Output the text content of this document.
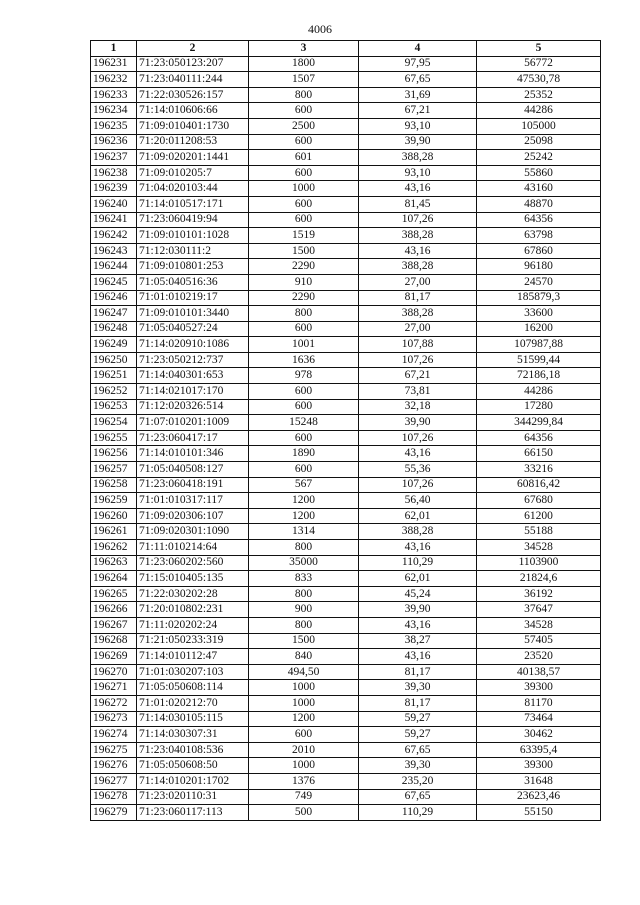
4006
1	2	3	4	5
196231	71:23:050123:207	1800	97,95	56772
196232	71:23:040111:244	1507	67,65	47530,78
196233	71:22:030526:157	800	31,69	25352
196234	71:14:010606:66	600	67,21	44286
196235	71:09:010401:1730	2500	93,10	105000
196236	71:20:011208:53	600	39,90	25098
196237	71:09:020201:1441	601	388,28	25242
196238	71:09:010205:7	600	93,10	55860
196239	71:04:020103:44	1000	43,16	43160
196240	71:14:010517:171	600	81,45	48870
196241	71:23:060419:94	600	107,26	64356
196242	71:09:010101:1028	1519	388,28	63798
196243	71:12:030111:2	1500	43,16	67860
196244	71:09:010801:253	2290	388,28	96180
196245	71:05:040516:36	910	27,00	24570
196246	71:01:010219:17	2290	81,17	185879,3
196247	71:09:010101:3440	800	388,28	33600
196248	71:05:040527:24	600	27,00	16200
196249	71:14:020910:1086	1001	107,88	107987,88
196250	71:23:050212:737	1636	107,26	51599,44
196251	71:14:040301:653	978	67,21	72186,18
196252	71:14:021017:170	600	73,81	44286
196253	71:12:020326:514	600	32,18	17280
196254	71:07:010201:1009	15248	39,90	344299,84
196255	71:23:060417:17	600	107,26	64356
196256	71:14:010101:346	1890	43,16	66150
196257	71:05:040508:127	600	55,36	33216
196258	71:23:060418:191	567	107,26	60816,42
196259	71:01:010317:117	1200	56,40	67680
196260	71:09:020306:107	1200	62,01	61200
196261	71:09:020301:1090	1314	388,28	55188
196262	71:11:010214:64	800	43,16	34528
196263	71:23:060202:560	35000	110,29	1103900
196264	71:15:010405:135	833	62,01	21824,6
196265	71:22:030202:28	800	45,24	36192
196266	71:20:010802:231	900	39,90	37647
196267	71:11:020202:24	800	43,16	34528
196268	71:21:050233:319	1500	38,27	57405
196269	71:14:010112:47	840	43,16	23520
196270	71:01:030207:103	494,50	81,17	40138,57
196271	71:05:050608:114	1000	39,30	39300
196272	71:01:020212:70	1000	81,17	81170
196273	71:14:030105:115	1200	59,27	73464
196274	71:14:030307:31	600	59,27	30462
196275	71:23:040108:536	2010	67,65	63395,4
196276	71:05:050608:50	1000	39,30	39300
196277	71:14:010201:1702	1376	235,20	31648
196278	71:23:020110:31	749	67,65	23623,46
196279	71:23:060117:113	500	110,29	55150
